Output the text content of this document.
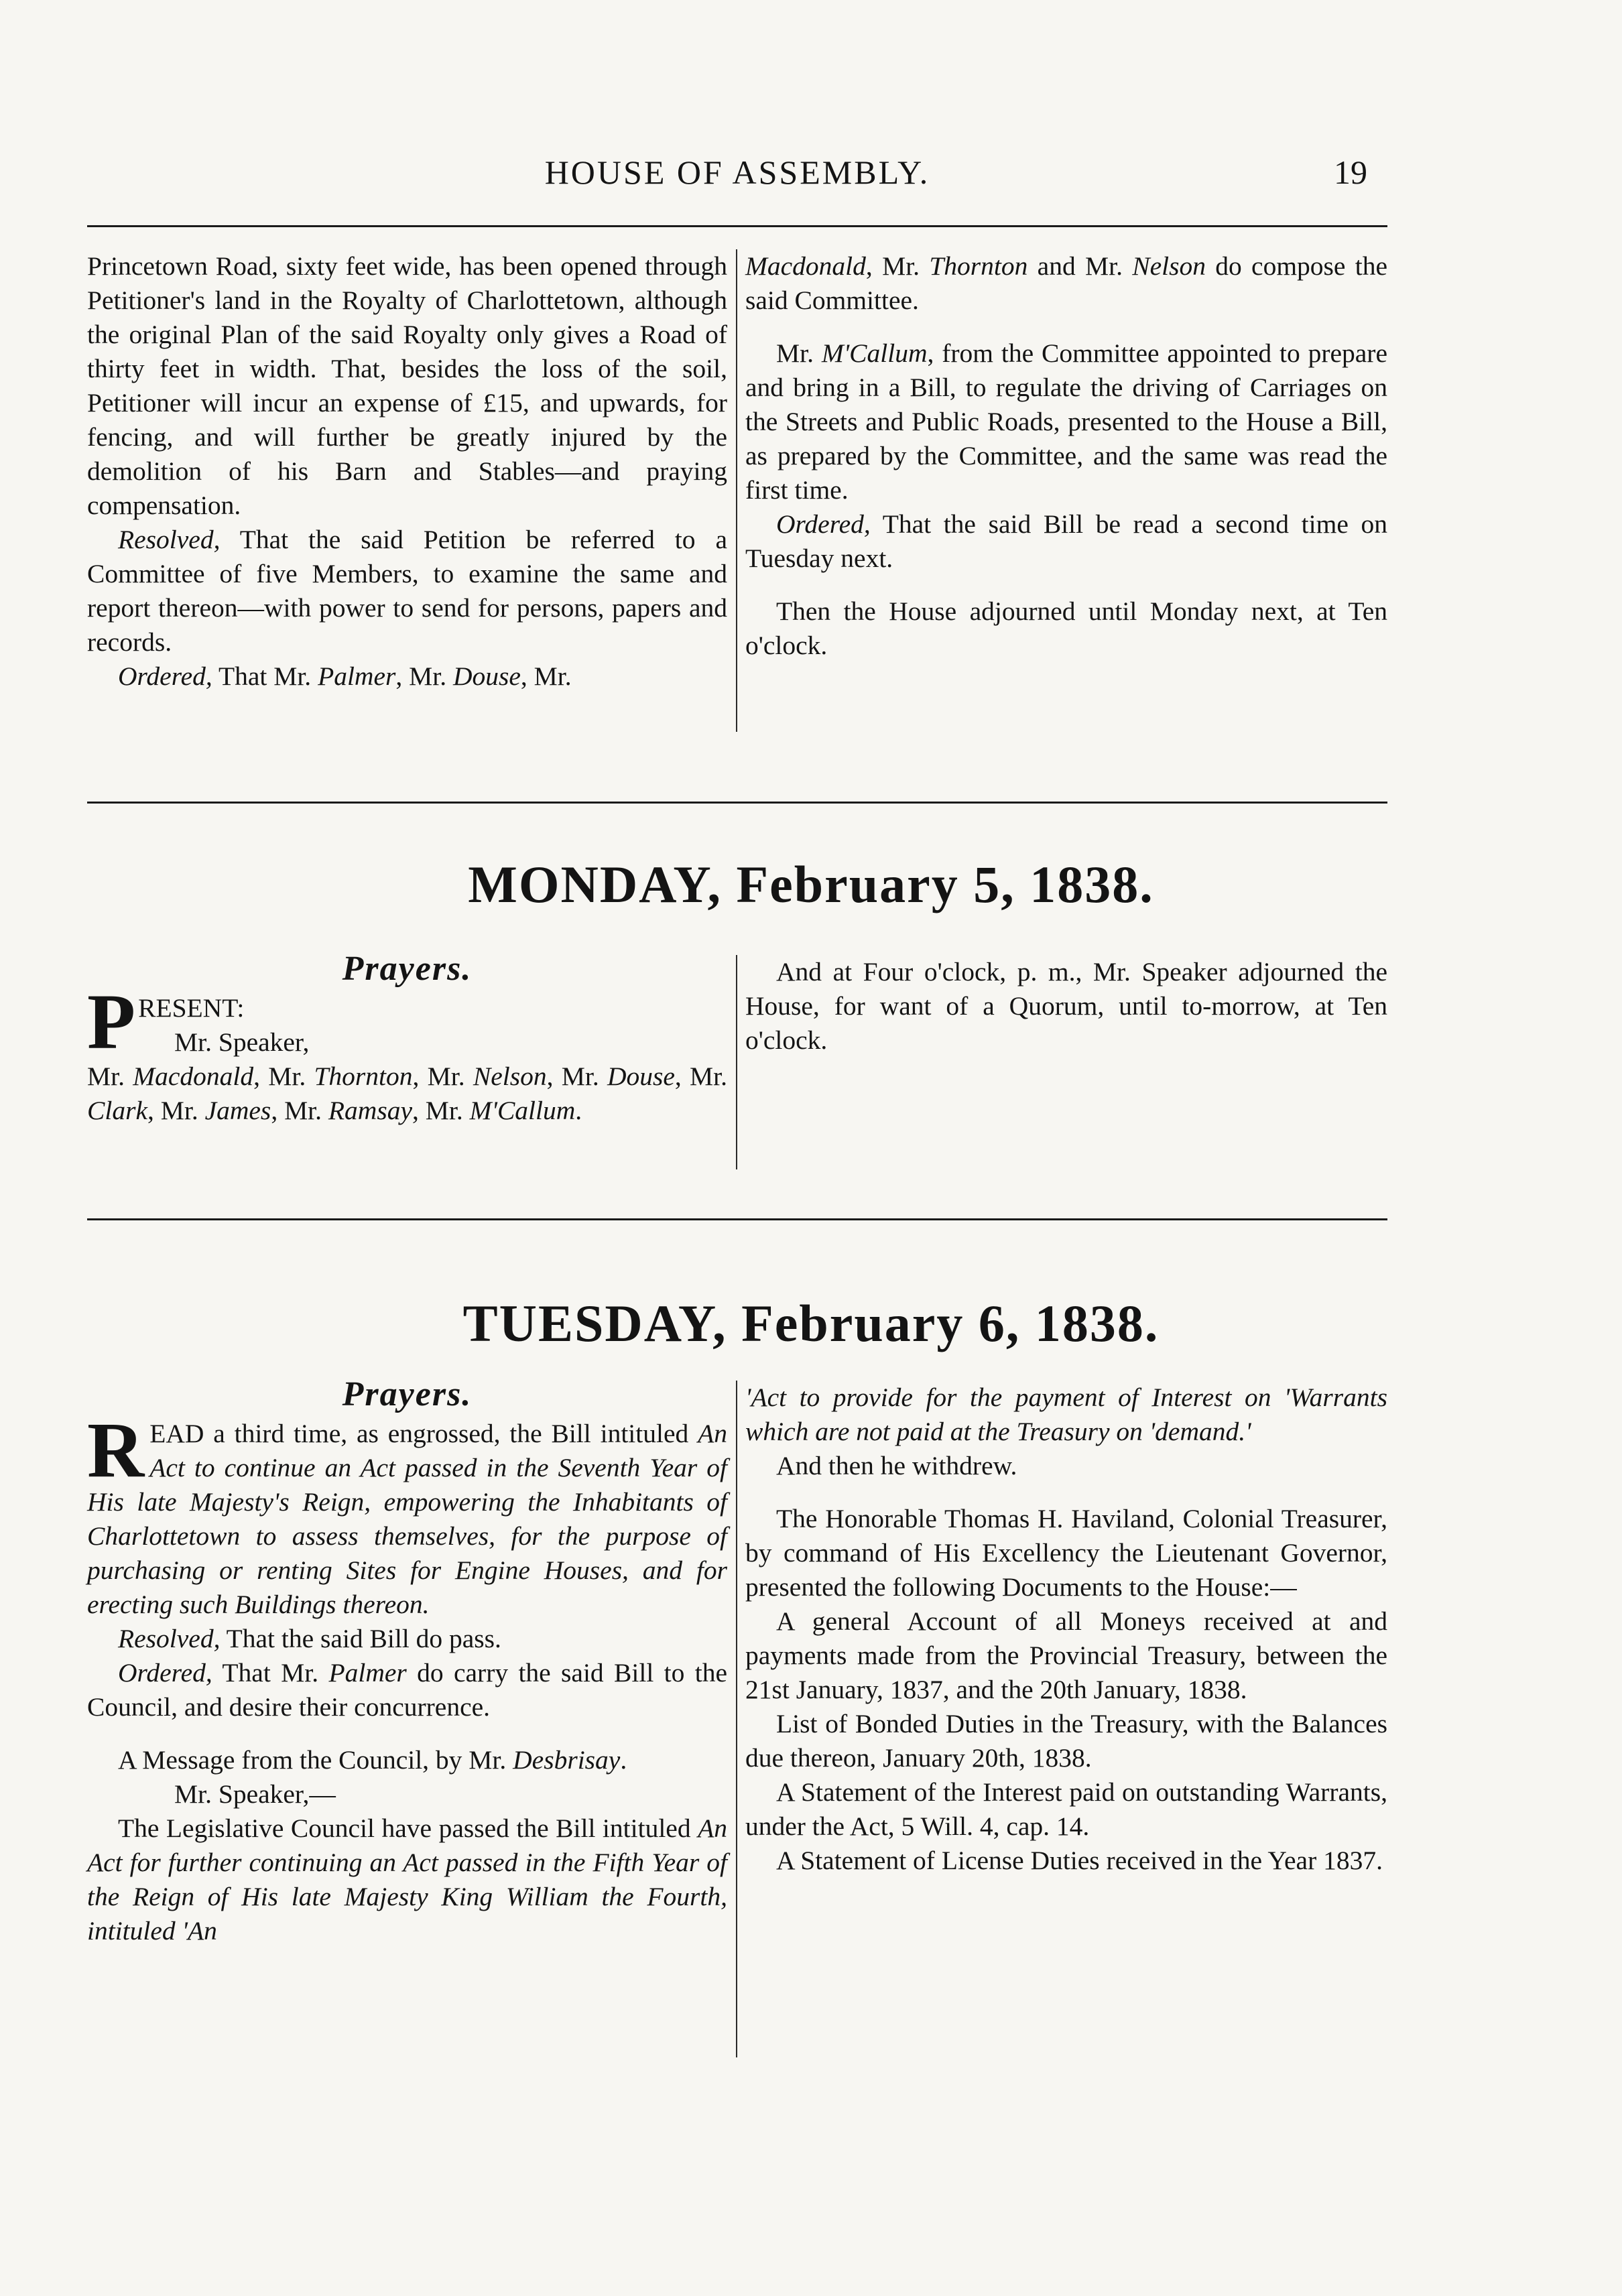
HOUSE OF ASSEMBLY.	19

Princetown Road, sixty feet wide, has been opened through Petitioner's land in the Royalty of Charlottetown, although the original Plan of the said Royalty only gives a Road of thirty feet in width. That, besides the loss of the soil, Petitioner will incur an expense of £15, and upwards, for fencing, and will further be greatly injured by the demolition of his Barn and Stables—and praying compensation.

Resolved, That the said Petition be referred to a Committee of five Members, to examine the same and report thereon—with power to send for persons, papers and records.

Ordered, That Mr. Palmer, Mr. Douse, Mr.

Macdonald, Mr. Thornton and Mr. Nelson do compose the said Committee.

Mr. M'Callum, from the Committee appointed to prepare and bring in a Bill, to regulate the driving of Carriages on the Streets and Public Roads, presented to the House a Bill, as prepared by the Committee, and the same was read the first time.

Ordered, That the said Bill be read a second time on Tuesday next.

Then the House adjourned until Monday next, at Ten o'clock.

MONDAY, February 5, 1838.
Prayers.
PRESENT:

Mr. Speaker,

Mr. Macdonald, Mr. Thornton, Mr. Nelson, Mr. Douse, Mr. Clark, Mr. James, Mr. Ramsay, Mr. M'Callum.

And at Four o'clock, p. m., Mr. Speaker adjourned the House, for want of a Quorum, until to-morrow, at Ten o'clock.

TUESDAY, February 6, 1838.
Prayers.

READ a third time, as engrossed, the Bill intituled An Act to continue an Act passed in the Seventh Year of His late Majesty's Reign, empowering the Inhabitants of Charlottetown to assess themselves, for the purpose of purchasing or renting Sites for Engine Houses, and for erecting such Buildings thereon.

Resolved, That the said Bill do pass.

Ordered, That Mr. Palmer do carry the said Bill to the Council, and desire their concurrence.

A Message from the Council, by Mr. Desbrisay.

Mr. Speaker,—

The Legislative Council have passed the Bill intituled An Act for further continuing an Act passed in the Fifth Year of the Reign of His late Majesty King William the Fourth, intituled 'An

'Act to provide for the payment of Interest on 'Warrants which are not paid at the Treasury on 'demand.'

And then he withdrew.

The Honorable Thomas H. Haviland, Colonial Treasurer, by command of His Excellency the Lieutenant Governor, presented the following Documents to the House:—

A general Account of all Moneys received at and payments made from the Provincial Treasury, between the 21st January, 1837, and the 20th January, 1838.

List of Bonded Duties in the Treasury, with the Balances due thereon, January 20th, 1838.

A Statement of the Interest paid on outstanding Warrants, under the Act, 5 Will. 4, cap. 14.

A Statement of License Duties received in the Year 1837.
